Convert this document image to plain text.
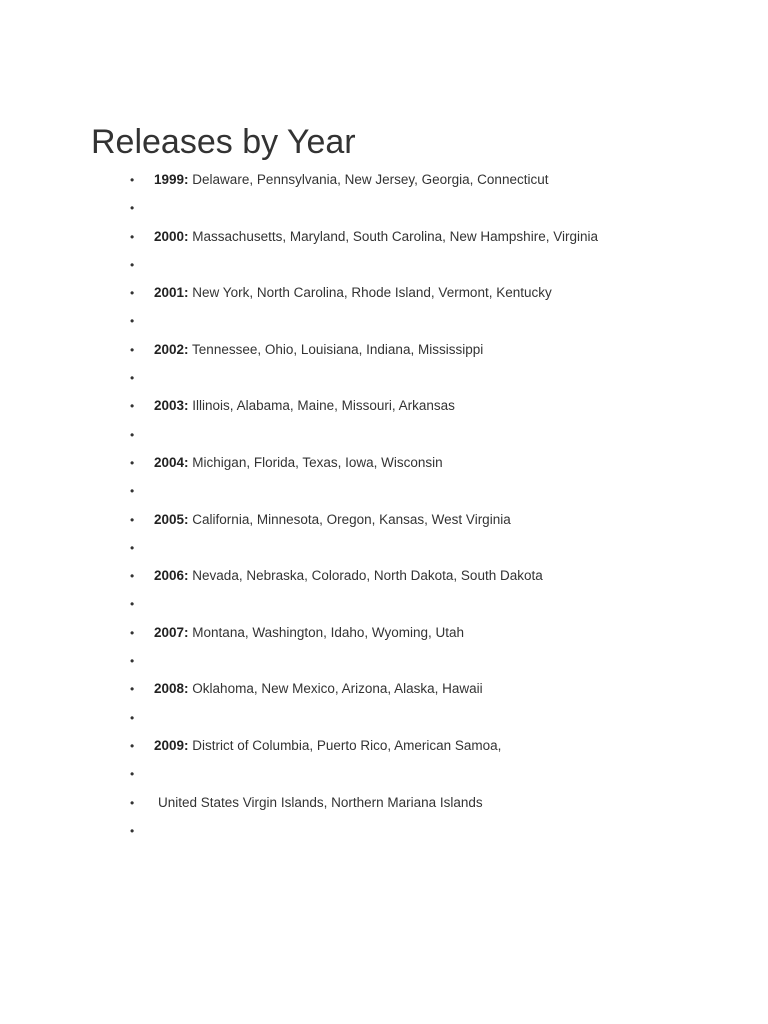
Releases by Year
• 1999: Delaware, Pennsylvania, New Jersey, Georgia, Connecticut
•
• 2000: Massachusetts, Maryland, South Carolina, New Hampshire, Virginia
•
• 2001: New York, North Carolina, Rhode Island, Vermont, Kentucky
•
• 2002: Tennessee, Ohio, Louisiana, Indiana, Mississippi
•
• 2003: Illinois, Alabama, Maine, Missouri, Arkansas
•
• 2004: Michigan, Florida, Texas, Iowa, Wisconsin
•
• 2005: California, Minnesota, Oregon, Kansas, West Virginia
•
• 2006: Nevada, Nebraska, Colorado, North Dakota, South Dakota
•
• 2007: Montana, Washington, Idaho, Wyoming, Utah
•
• 2008: Oklahoma, New Mexico, Arizona, Alaska, Hawaii
•
• 2009: District of Columbia, Puerto Rico, American Samoa,
•
• United States Virgin Islands, Northern Mariana Islands
•
